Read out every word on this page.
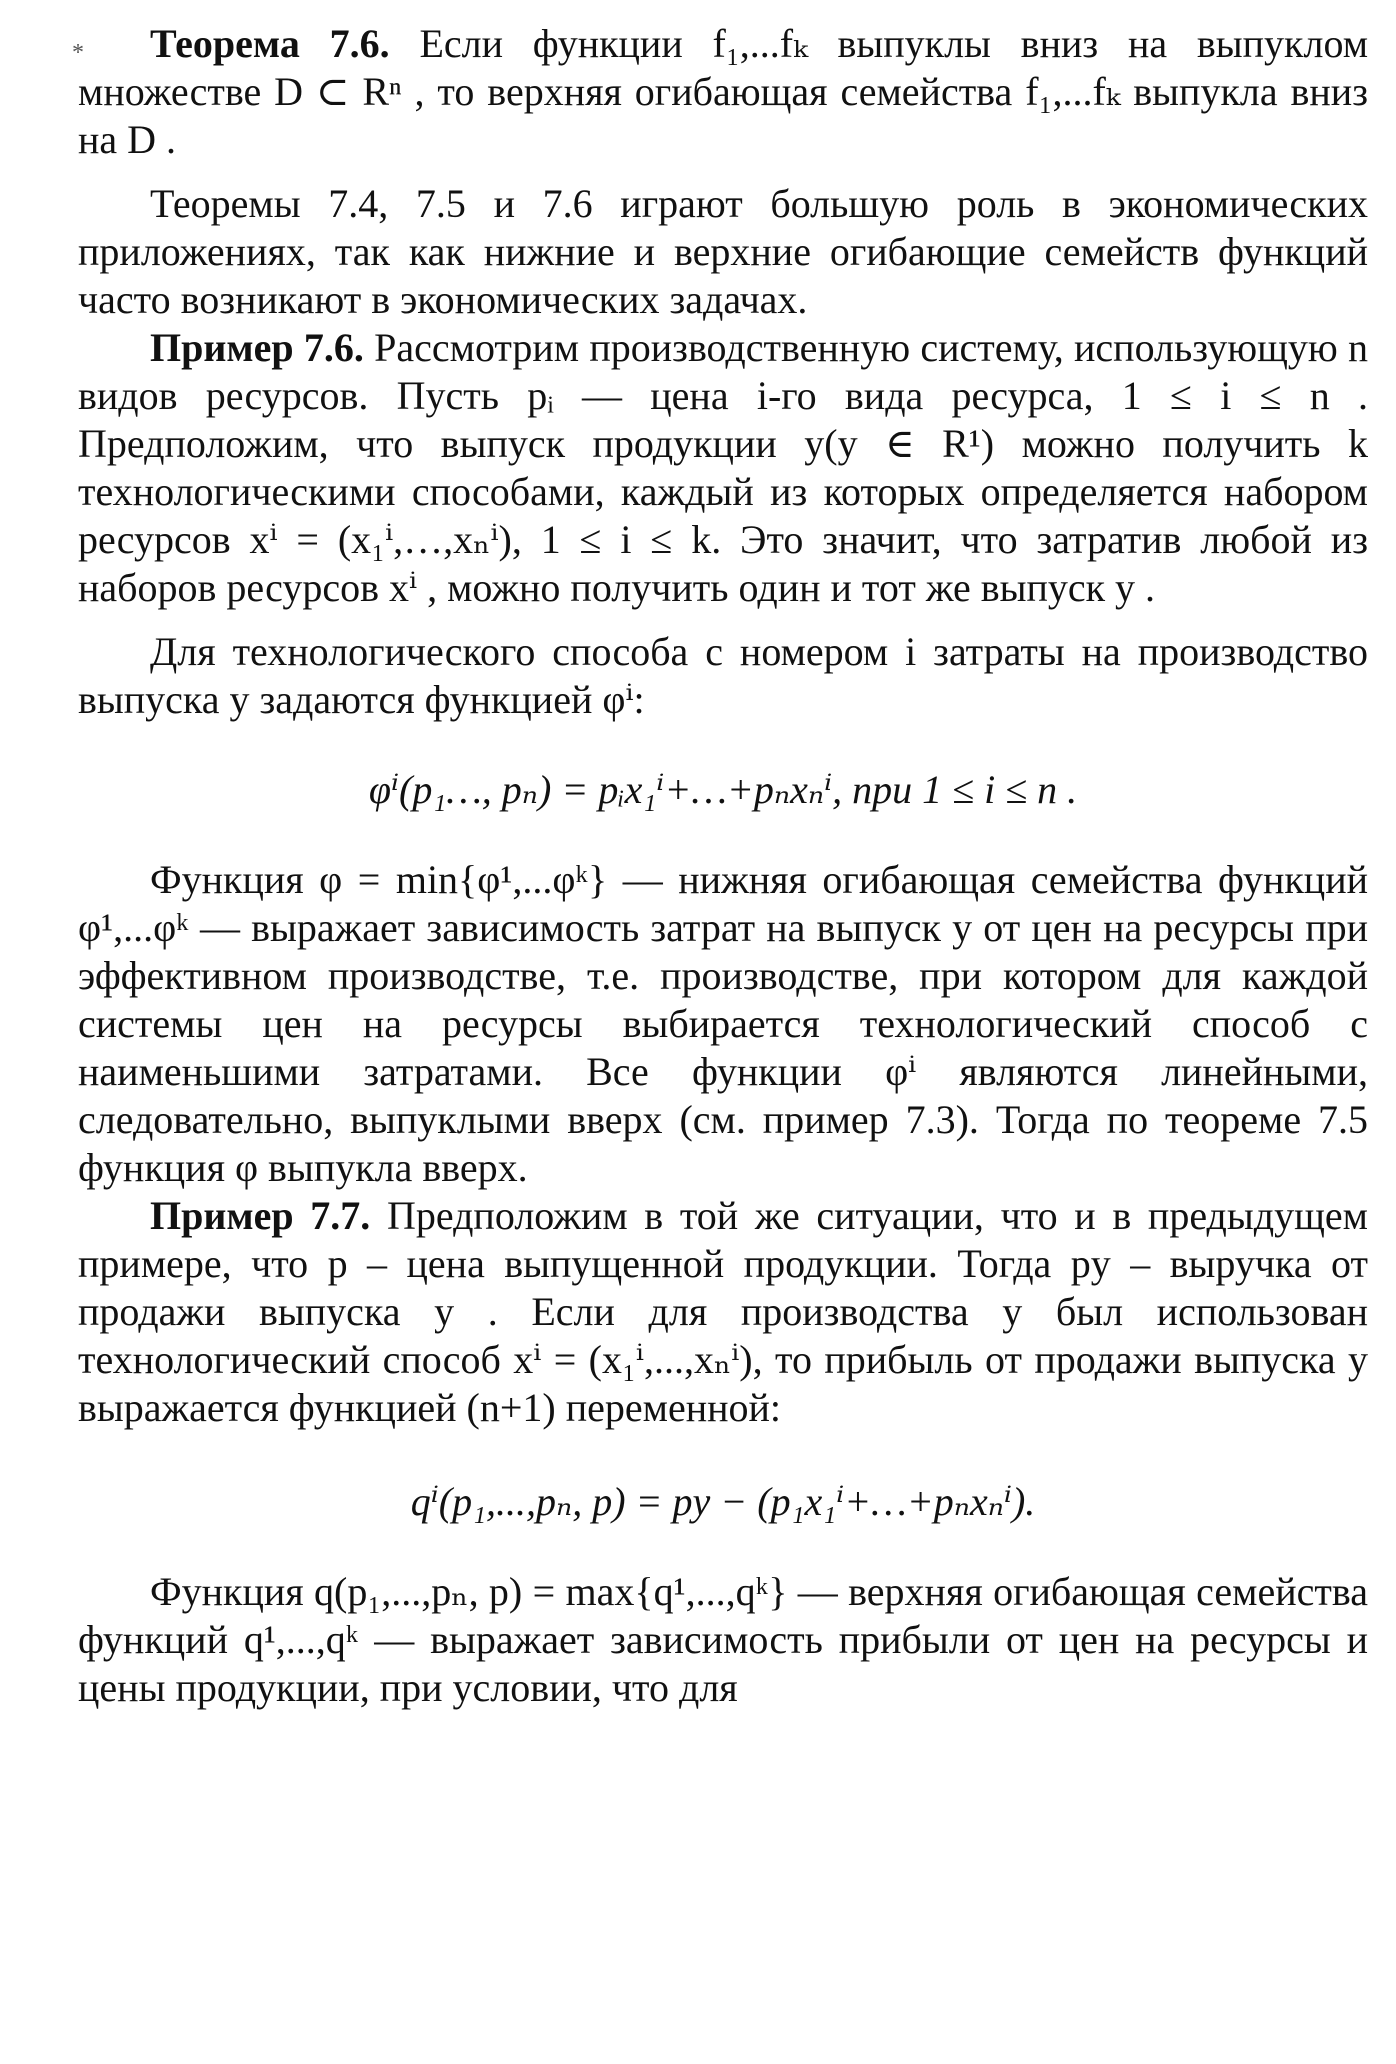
*	Теорема 7.6. Если функции f₁,...fₖ выпуклы вниз на выпуклом множестве D ⊂ Rⁿ , то верхняя огибающая семейства f₁,...fₖ выпукла вниз на D .

Теоремы 7.4, 7.5 и 7.6 играют большую роль в экономических приложениях, так как нижние и верхние огибающие семейств функций часто возникают в экономических задачах.

Пример 7.6. Рассмотрим производственную систему, использующую n видов ресурсов. Пусть pᵢ — цена i-го вида ресурса, 1 ≤ i ≤ n . Предположим, что выпуск продукции y(y ∈ R¹) можно получить k технологическими способами, каждый из которых определяется набором ресурсов xⁱ = (x₁ⁱ,…,xₙⁱ), 1 ≤ i ≤ k. Это значит, что затратив любой из наборов ресурсов xⁱ , можно получить один и тот же выпуск y .

Для технологического способа с номером i затраты на производство выпуска y задаются функцией φⁱ:

φⁱ(p₁…, pₙ) = pᵢx₁ⁱ+…+pₙxₙⁱ, при 1 ≤ i ≤ n .

Функция φ = min{φ¹,...φᵏ} — нижняя огибающая семейства функций φ¹,...φᵏ — выражает зависимость затрат на выпуск y от цен на ресурсы при эффективном производстве, т.е. производстве, при котором для каждой системы цен на ресурсы выбирается технологический способ с наименьшими затратами. Все функции φⁱ являются линейными, следовательно, выпуклыми вверх (см. пример 7.3). Тогда по теореме 7.5 функция φ выпукла вверх.

Пример 7.7. Предположим в той же ситуации, что и в предыдущем примере, что p – цена выпущенной продукции. Тогда py – выручка от продажи выпуска y . Если для производства y был использован технологический способ xⁱ = (x₁ⁱ,...,xₙⁱ), то прибыль от продажи выпуска y выражается функцией (n+1) переменной:

qⁱ(p₁,...,pₙ, p) = py − (p₁x₁ⁱ+…+pₙxₙⁱ).

Функция q(p₁,...,pₙ, p) = max{q¹,...,qᵏ} — верхняя огибающая семейства функций q¹,...,qᵏ — выражает зависимость прибыли от цен на ресурсы и цены продукции, при условии, что для
